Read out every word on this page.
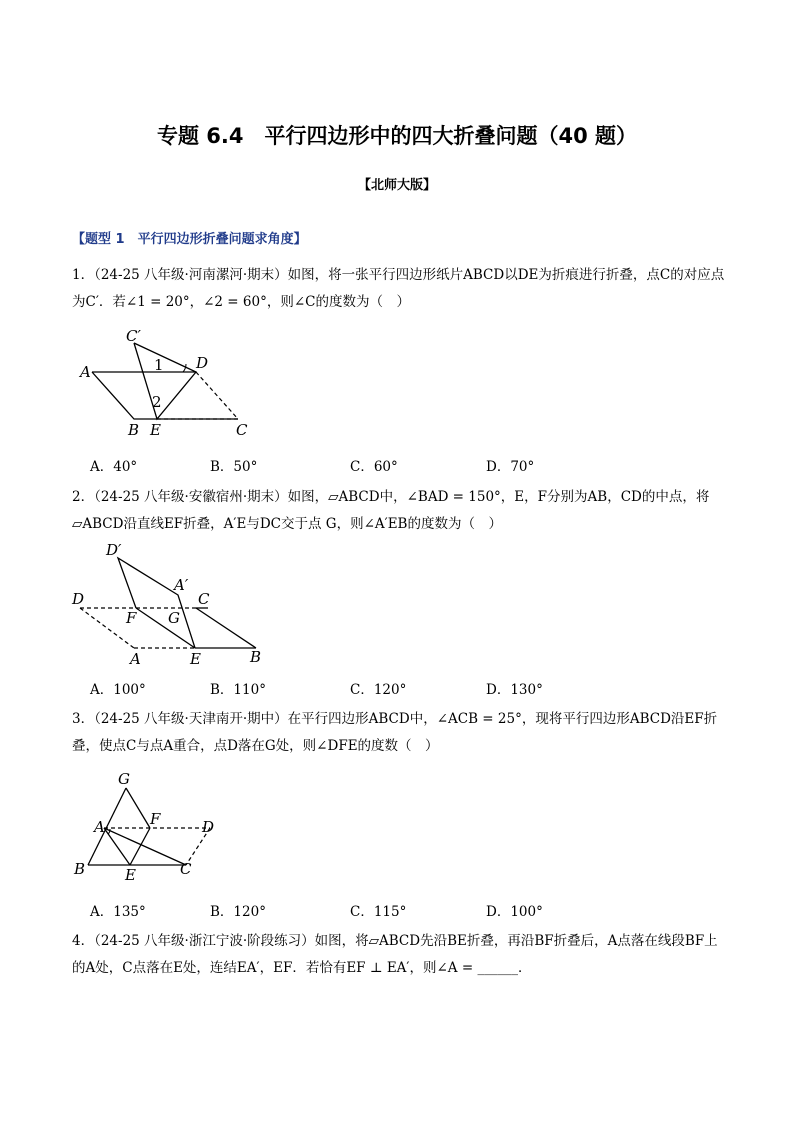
专题 6.4　平行四边形中的四大折叠问题（40 题）
【北师大版】
【题型 1　平行四边形折叠问题求角度】
1．（24-25 八年级·河南漯河·期末）如图，将一张平行四边形纸片ABCD以DE为折痕进行折叠，点C的对应点为C′．若∠1 = 20°，∠2 = 60°，则∠C的度数为（　）
C′
A	D
B E	C
1
2
A．40°	B．50°	C．60°	D．70°
2．（24-25 八年级·安徽宿州·期末）如图，▱ABCD中，∠BAD = 150°，E，F分别为AB，CD的中点，将▱ABCD沿直线EF折叠，A′E与DC交于点 G，则∠A′EB的度数为（　）
D′
A′
D	C
F G
A	E	B
A．100°	B．110°	C．120°	D．130°
3．（24-25 八年级·天津南开·期中）在平行四边形ABCD中，∠ACB = 25°，现将平行四边形ABCD沿EF折叠，使点C与点A重合，点D落在G处，则∠DFE的度数（　）
G
A	F	D
B	E	C
A．135°	B．120°	C．115°	D．100°
4．（24-25 八年级·浙江宁波·阶段练习）如图，将▱ABCD先沿BE折叠，再沿BF折叠后，A点落在线段BF上的A处，C点落在E处，连结EA′，EF．若恰有EF ⊥ EA′，则∠A = ______．
